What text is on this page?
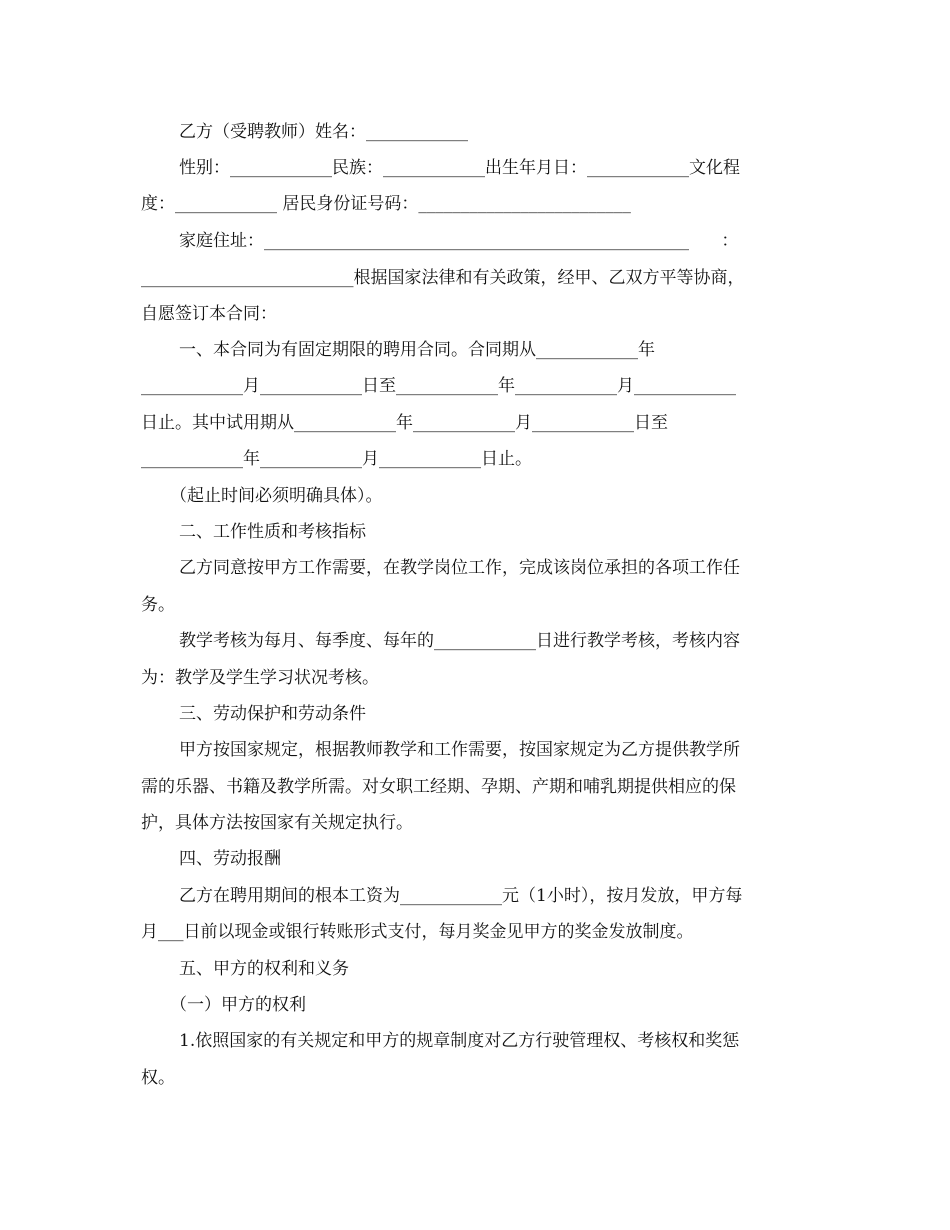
乙方（受聘教师）姓名：____________

性别：____________民族：____________出生年月日：____________文化程

度：____________ 居民身份证号码：_________________________

家庭住址：__________________________________________________      ：

_________________________根据国家法律和有关政策，经甲、乙双方平等协商，

自愿签订本合同：

一、本合同为有固定期限的聘用合同。合同期从____________年

____________月____________日至____________年____________月____________

日止。其中试用期从____________年____________月____________日至

____________年____________月____________日止。

（起止时间必须明确具体）。

二、工作性质和考核指标

乙方同意按甲方工作需要，在教学岗位工作，完成该岗位承担的各项工作任

务。

教学考核为每月、每季度、每年的____________日进行教学考核，考核内容

为：教学及学生学习状况考核。

三、劳动保护和劳动条件

甲方按国家规定，根据教师教学和工作需要，按国家规定为乙方提供教学所

需的乐器、书籍及教学所需。对女职工经期、孕期、产期和哺乳期提供相应的保

护，具体方法按国家有关规定执行。

四、劳动报酬

乙方在聘用期间的根本工资为____________元（1小时），按月发放，甲方每

月___日前以现金或银行转账形式支付，每月奖金见甲方的奖金发放制度。

五、甲方的权利和义务

（一）甲方的权利

1.依照国家的有关规定和甲方的规章制度对乙方行驶管理权、考核权和奖惩

权。
